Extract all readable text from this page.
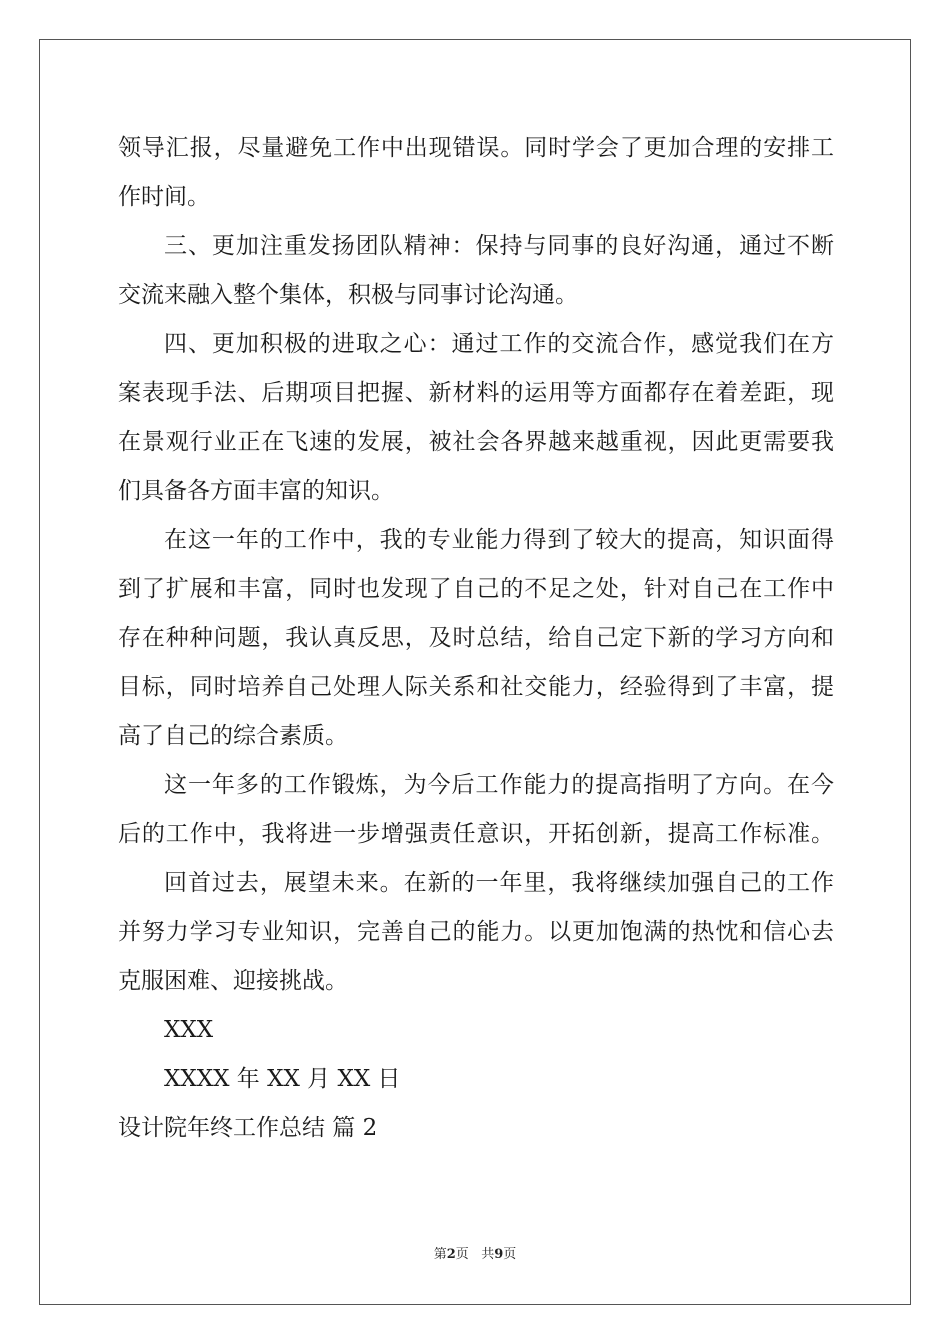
领导汇报，尽量避免工作中出现错误。同时学会了更加合理的安排工
作时间。
三、更加注重发扬团队精神：保持与同事的良好沟通，通过不断
交流来融入整个集体，积极与同事讨论沟通。
四、更加积极的进取之心：通过工作的交流合作，感觉我们在方
案表现手法、后期项目把握、新材料的运用等方面都存在着差距，现
在景观行业正在飞速的发展，被社会各界越来越重视，因此更需要我
们具备各方面丰富的知识。
在这一年的工作中，我的专业能力得到了较大的提高，知识面得
到了扩展和丰富，同时也发现了自己的不足之处，针对自己在工作中
存在种种问题，我认真反思，及时总结，给自己定下新的学习方向和
目标，同时培养自己处理人际关系和社交能力，经验得到了丰富，提
高了自己的综合素质。
这一年多的工作锻炼，为今后工作能力的提高指明了方向。在今
后的工作中，我将进一步增强责任意识，开拓创新，提高工作标准。
回首过去，展望未来。在新的一年里，我将继续加强自己的工作
并努力学习专业知识，完善自己的能力。以更加饱满的热忱和信心去
克服困难、迎接挑战。
XXX
XXXX 年 XX 月 XX 日
设计院年终工作总结 篇 2
第2页 共9页
